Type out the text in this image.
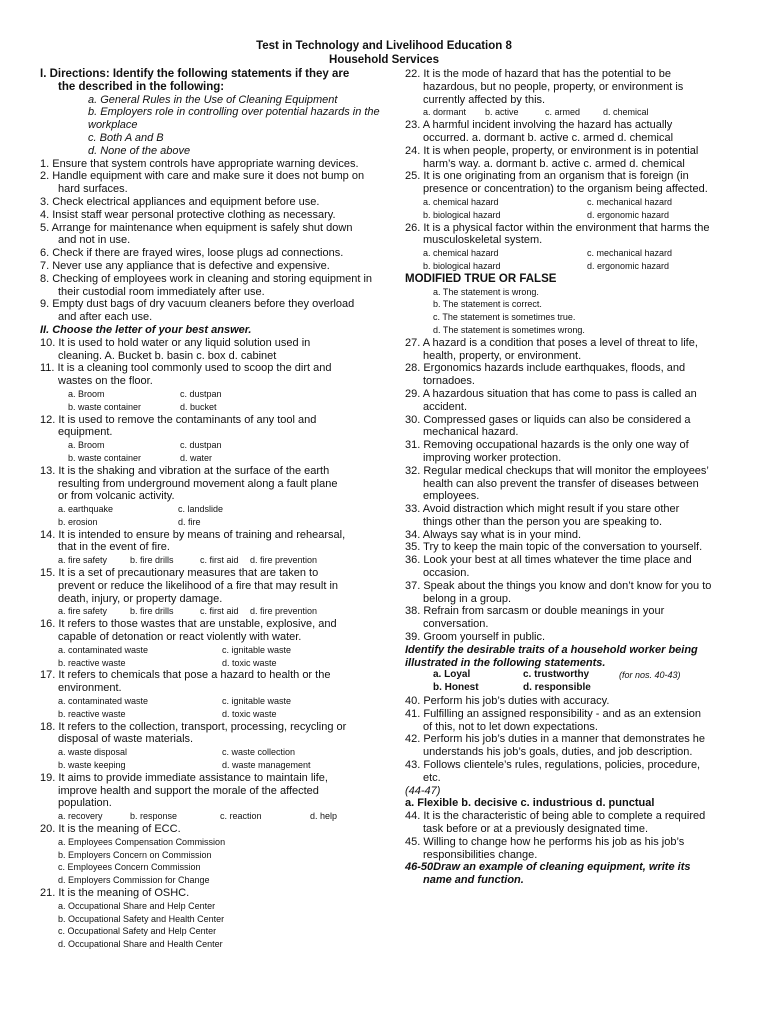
Test in Technology and Livelihood Education 8
Household Services
I. Directions: Identify the following statements if they are
the described in the following:
a. General Rules in the Use of Cleaning Equipment
b. Employers role in controlling over potential hazards in the
workplace
c. Both A and B
d. None of the above
1. Ensure that system controls have appropriate warning devices.
2. Handle equipment with care and make sure it does not bump on
hard surfaces.
3. Check electrical appliances and equipment before use.
4. Insist staff wear personal protective clothing as necessary.
5. Arrange for maintenance when equipment is safely shut down
and not in use.
6. Check if there are frayed wires, loose plugs ad connections.
7. Never use any appliance that is defective and expensive.
8. Checking of employees work in cleaning and storing equipment in
their custodial room immediately after use.
9. Empty dust bags of dry vacuum cleaners before they overload
and after each use.
II. Choose the letter of your best answer.
10. It is used to hold water or any liquid solution used in
cleaning. A. Bucket b. basin c. box d. cabinet
11. It is a cleaning tool commonly used to scoop the dirt and
wastes on the floor.
a. Broom	c. dustpan
b. waste container	d. bucket
12. It is used to remove the contaminants of any tool and
equipment.
a. Broom	c. dustpan
b. waste container	d. water
13. It is the shaking and vibration at the surface of the earth
resulting from underground movement along a fault plane
or from volcanic activity.
a. earthquake	c. landslide
b. erosion	d. fire
14. It is intended to ensure by means of training and rehearsal,
that in the event of fire.
a. fire safety	b. fire drills	c. first aid	d. fire prevention
15. It is a set of precautionary measures that are taken to
prevent or reduce the likelihood of a fire that may result in
death, injury, or property damage.
a. fire safety	b. fire drills	c. first aid	d. fire prevention
16. It refers to those wastes that are unstable, explosive, and
capable of detonation or react violently with water.
a. contaminated waste	c. ignitable waste
b. reactive waste	d. toxic waste
17. It refers to chemicals that pose a hazard to health or the
environment.
a. contaminated waste	c. ignitable waste
b. reactive waste	d. toxic waste
18. It refers to the collection, transport, processing, recycling or
disposal of waste materials.
a. waste disposal	c. waste collection
b. waste keeping	d. waste management
19. It aims to provide immediate assistance to maintain life,
improve health and support the morale of the affected
population.
a. recovery	b. response	c. reaction	d. help
20. It is the meaning of ECC.
a. Employees Compensation Commission
b. Employers Concern on Commission
c. Employees Concern Commission
d. Employers Commission for Change
21. It is the meaning of OSHC.
a. Occupational Share and Help Center
b. Occupational Safety and Health Center
c. Occupational Safety and Help Center
d. Occupational Share and Health Center
22. It is the mode of hazard that has the potential to be
hazardous, but no people, property, or environment is
currently affected by this.
a. dormant	b. active	c. armed	d. chemical
23. A harmful incident involving the hazard has actually
occurred. a. dormant b. active c. armed d. chemical
24. It is when people, property, or environment is in potential
harm’s way. a. dormant b. active c. armed d. chemical
25. It is one originating from an organism that is foreign (in
presence or concentration) to the organism being affected.
a. chemical hazard	c. mechanical hazard
b. biological hazard	d. ergonomic hazard
26. It is a physical factor within the environment that harms the
musculoskeletal system.
a. chemical hazard	c. mechanical hazard
b. biological hazard	d. ergonomic hazard
MODIFIED TRUE OR FALSE
a. The statement is wrong.
b. The statement is correct.
c. The statement is sometimes true.
d. The statement is sometimes wrong.
27. A hazard is a condition that poses a level of threat to life,
health, property, or environment.
28. Ergonomics hazards include earthquakes, floods, and
tornadoes.
29. A hazardous situation that has come to pass is called an
accident.
30. Compressed gases or liquids can also be considered a
mechanical hazard.
31. Removing occupational hazards is the only one way of
improving worker protection.
32. Regular medical checkups that will monitor the employees’
health can also prevent the transfer of diseases between
employees.
33. Avoid distraction which might result if you stare other
things other than the person you are speaking to.
34. Always say what is in your mind.
35. Try to keep the main topic of the conversation to yourself.
36. Look your best at all times whatever the time place and
occasion.
37. Speak about the things you know and don’t know for you to
belong in a group.
38. Refrain from sarcasm or double meanings in your
conversation.
39. Groom yourself in public.
Identify the desirable traits of a household worker being
illustrated in the following statements.
a. Loyal	c. trustworthy	(for nos. 40-43)
b. Honest	d. responsible
40. Perform his job’s duties with accuracy.
41. Fulfilling an assigned responsibility - and as an extension
of this, not to let down expectations.
42. Perform his job’s duties in a manner that demonstrates he
understands his job’s goals, duties, and job description.
43. Follows clientele’s rules, regulations, policies, procedure,
etc.
(44-47)
a. Flexible b. decisive c. industrious d. punctual
44. It is the characteristic of being able to complete a required
task before or at a previously designated time.
45. Willing to change how he performs his job as his job’s
responsibilities change.
46-50Draw an example of cleaning equipment, write its
name and function.
